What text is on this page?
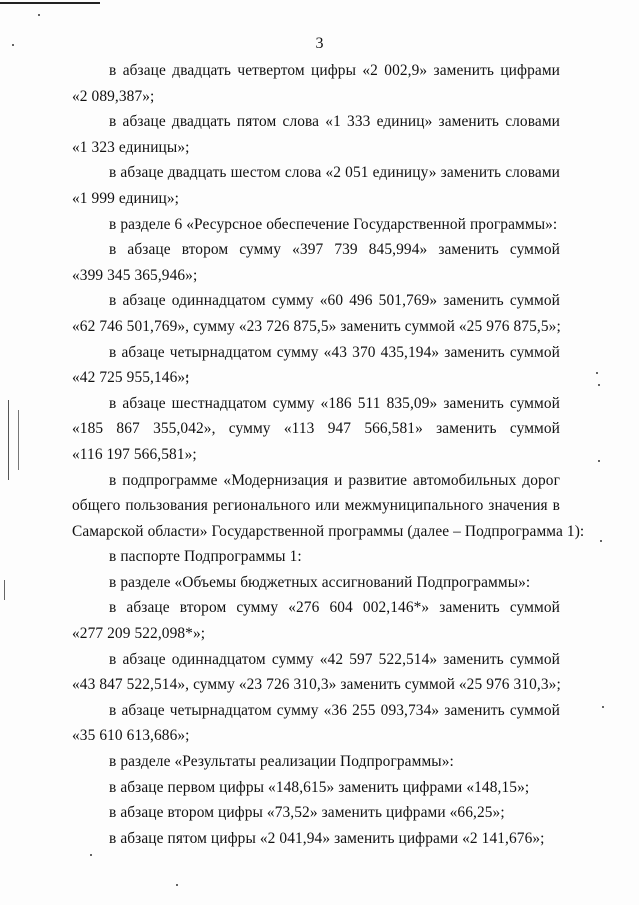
3
в абзаце двадцать четвертом цифры «2 002,9» заменить цифрами
«2 089,387»;
в абзаце двадцать пятом слова «1 333 единиц» заменить словами
«1 323 единицы»;
в абзаце двадцать шестом слова «2 051 единицу» заменить словами
«1 999 единиц»;
в разделе 6 «Ресурсное обеспечение Государственной программы»:
в абзаце втором сумму «397 739 845,994» заменить суммой
«399 345 365,946»;
в абзаце одиннадцатом сумму «60 496 501,769» заменить суммой
«62 746 501,769», сумму «23 726 875,5» заменить суммой «25 976 875,5»;
в абзаце четырнадцатом сумму «43 370 435,194» заменить суммой
«42 725 955,146»;
в абзаце шестнадцатом сумму «186 511 835,09» заменить суммой
«185 867 355,042», сумму «113 947 566,581» заменить суммой
«116 197 566,581»;
в подпрограмме «Модернизация и развитие автомобильных дорог
общего пользования регионального или межмуниципального значения в
Самарской области» Государственной программы (далее – Подпрограмма 1):
в паспорте Подпрограммы 1:
в разделе «Объемы бюджетных ассигнований Подпрограммы»:
в абзаце втором сумму «276 604 002,146*» заменить суммой
«277 209 522,098*»;
в абзаце одиннадцатом сумму «42 597 522,514» заменить суммой
«43 847 522,514», сумму «23 726 310,3» заменить суммой «25 976 310,3»;
в абзаце четырнадцатом сумму «36 255 093,734» заменить суммой
«35 610 613,686»;
в разделе «Результаты реализации Подпрограммы»:
в абзаце первом цифры «148,615» заменить цифрами «148,15»;
в абзаце втором цифры «73,52» заменить цифрами «66,25»;
в абзаце пятом цифры «2 041,94» заменить цифрами «2 141,676»;
